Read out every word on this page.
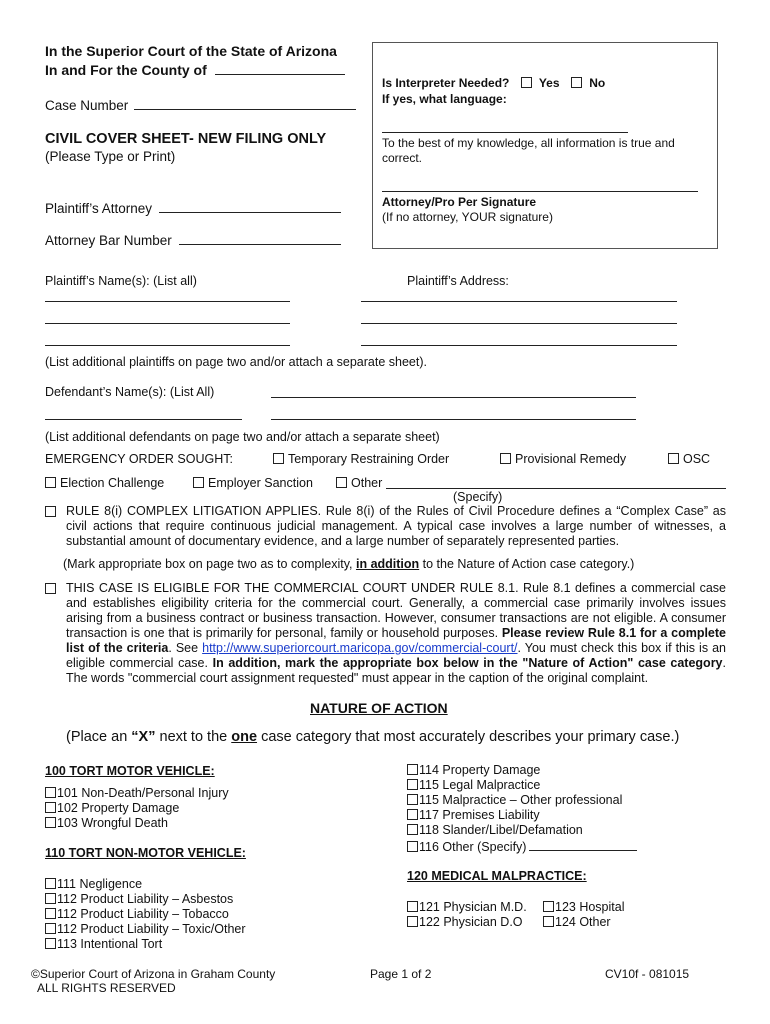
In the Superior Court of the State of Arizona
In and For the County of
Case Number
CIVIL COVER SHEET- NEW FILING ONLY
(Please Type or Print)
Plaintiff’s Attorney
Attorney Bar Number
Is Interpreter Needed? Yes No
If yes, what language:
To the best of my knowledge, all information is true and correct.
Attorney/Pro Per Signature
(If no attorney, YOUR signature)
Plaintiff’s Name(s): (List all)	Plaintiff’s Address:
(List additional plaintiffs on page two and/or attach a separate sheet).
Defendant’s Name(s): (List All)
(List additional defendants on page two and/or attach a separate sheet)
EMERGENCY ORDER SOUGHT:	Temporary Restraining Order	Provisional Remedy	OSC
Election Challenge	Employer Sanction	Other
(Specify)
RULE 8(i) COMPLEX LITIGATION APPLIES. Rule 8(i) of the Rules of Civil Procedure defines a “Complex Case” as civil actions that require continuous judicial management. A typical case involves a large number of witnesses, a substantial amount of documentary evidence, and a large number of separately represented parties.
(Mark appropriate box on page two as to complexity, in addition to the Nature of Action case category.)
THIS CASE IS ELIGIBLE FOR THE COMMERCIAL COURT UNDER RULE 8.1. Rule 8.1 defines a commercial case and establishes eligibility criteria for the commercial court. Generally, a commercial case primarily involves issues arising from a business contract or business transaction. However, consumer transactions are not eligible. A consumer transaction is one that is primarily for personal, family or household purposes. Please review Rule 8.1 for a complete list of the criteria. See http://www.superiorcourt.maricopa.gov/commercial-court/. You must check this box if this is an eligible commercial case. In addition, mark the appropriate box below in the "Nature of Action" case category. The words "commercial court assignment requested" must appear in the caption of the original complaint.
NATURE OF ACTION
(Place an “X” next to the one case category that most accurately describes your primary case.)
100 TORT MOTOR VEHICLE:
101 Non-Death/Personal Injury
102 Property Damage
103 Wrongful Death
110 TORT NON-MOTOR VEHICLE:
111 Negligence
112 Product Liability – Asbestos
112 Product Liability – Tobacco
112 Product Liability – Toxic/Other
113 Intentional Tort
114 Property Damage
115 Legal Malpractice
115 Malpractice – Other professional
117 Premises Liability
118 Slander/Libel/Defamation
116 Other (Specify)
120 MEDICAL MALPRACTICE:
121 Physician M.D.
122 Physician D.O
123 Hospital
124 Other
©Superior Court of Arizona in Graham County
ALL RIGHTS RESERVED
Page 1 of 2	CV10f - 081015
